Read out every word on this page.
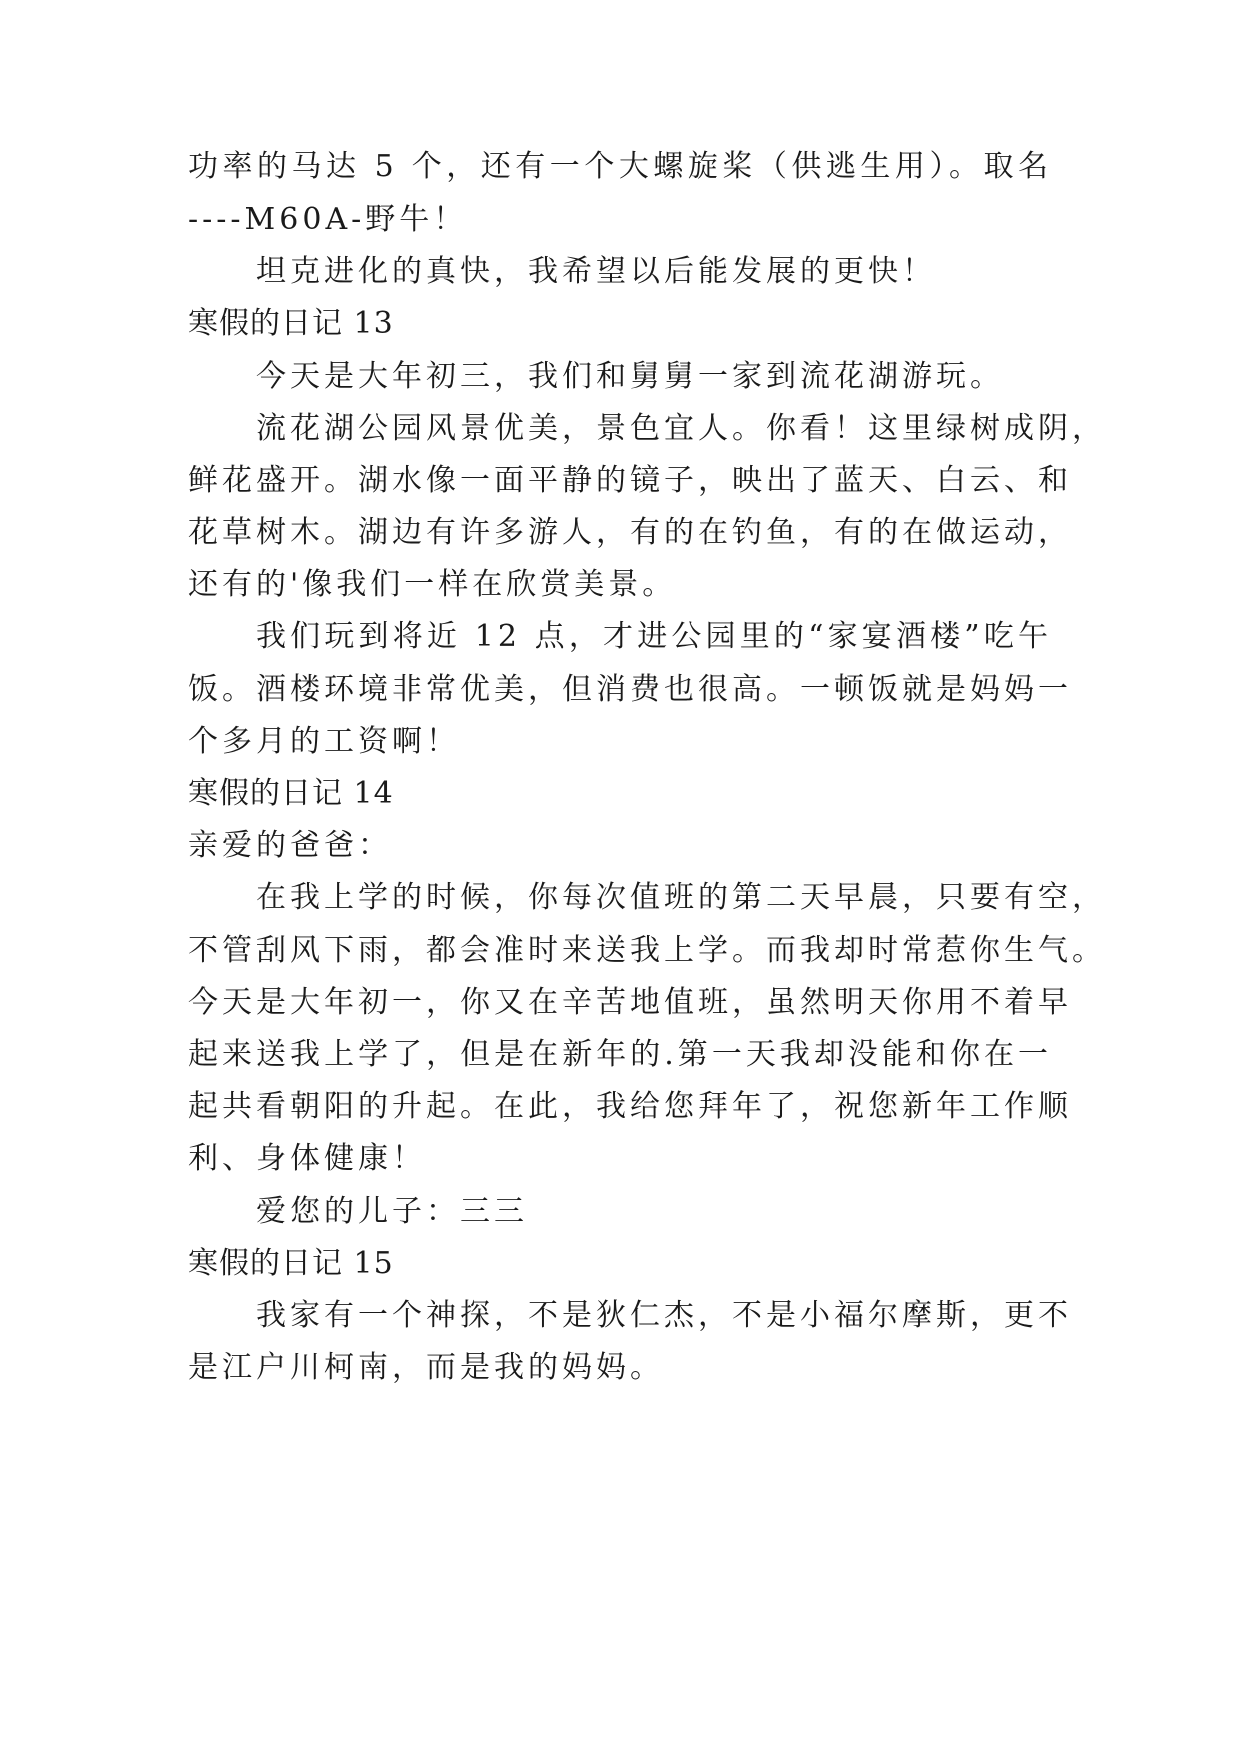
功率的马达 5 个，还有一个大螺旋桨（供逃生用）。取名
----M60A-野牛！
坦克进化的真快，我希望以后能发展的更快！
寒假的日记 13
今天是大年初三，我们和舅舅一家到流花湖游玩。
流花湖公园风景优美，景色宜人。你看！这里绿树成阴，
鲜花盛开。湖水像一面平静的镜子，映出了蓝天、白云、和
花草树木。湖边有许多游人，有的在钓鱼，有的在做运动，
还有的'像我们一样在欣赏美景。
我们玩到将近 12 点，才进公园里的“家宴酒楼”吃午
饭。酒楼环境非常优美，但消费也很高。一顿饭就是妈妈一
个多月的工资啊！
寒假的日记 14
亲爱的爸爸：
在我上学的时候，你每次值班的第二天早晨，只要有空，
不管刮风下雨，都会准时来送我上学。而我却时常惹你生气。
今天是大年初一，你又在辛苦地值班，虽然明天你用不着早
起来送我上学了，但是在新年的.第一天我却没能和你在一
起共看朝阳的升起。在此，我给您拜年了，祝您新年工作顺
利、身体健康！
爱您的儿子：三三
寒假的日记 15
我家有一个神探，不是狄仁杰，不是小福尔摩斯，更不
是江户川柯南，而是我的妈妈。
